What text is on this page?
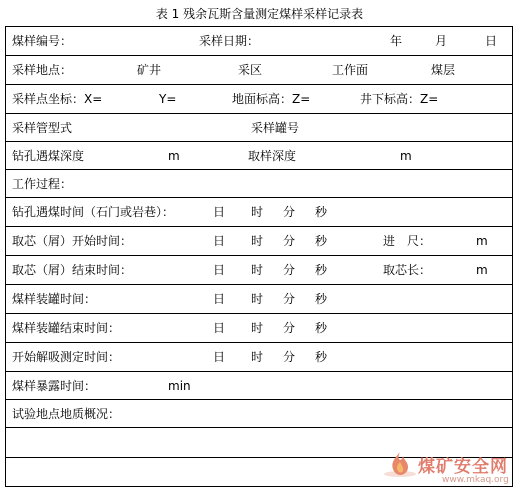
表 1 残余瓦斯含量测定煤样采样记录表
煤样编号：	采样日期：	年	月	日
采样地点：	矿井	采区	工作面	煤层
采样点坐标：X=	Y=	地面标高：Z=	井下标高：Z=
采样管型式	采样罐号
钻孔遇煤深度	m	取样深度	m
工作过程：
钻孔遇煤时间（石门或岩巷）：	日 时 分 秒
取芯（屑）开始时间：	日 时 分 秒	进　尺：	m
取芯（屑）结束时间：	日 时 分 秒	取芯长：	m
煤样装罐时间：	日 时 分 秒
煤样装罐结束时间：	日 时 分 秒
开始解吸测定时间：	日 时 分 秒
煤样暴露时间：	min
试验地点地质概况：
煤矿安全网
www.mkaq.org
